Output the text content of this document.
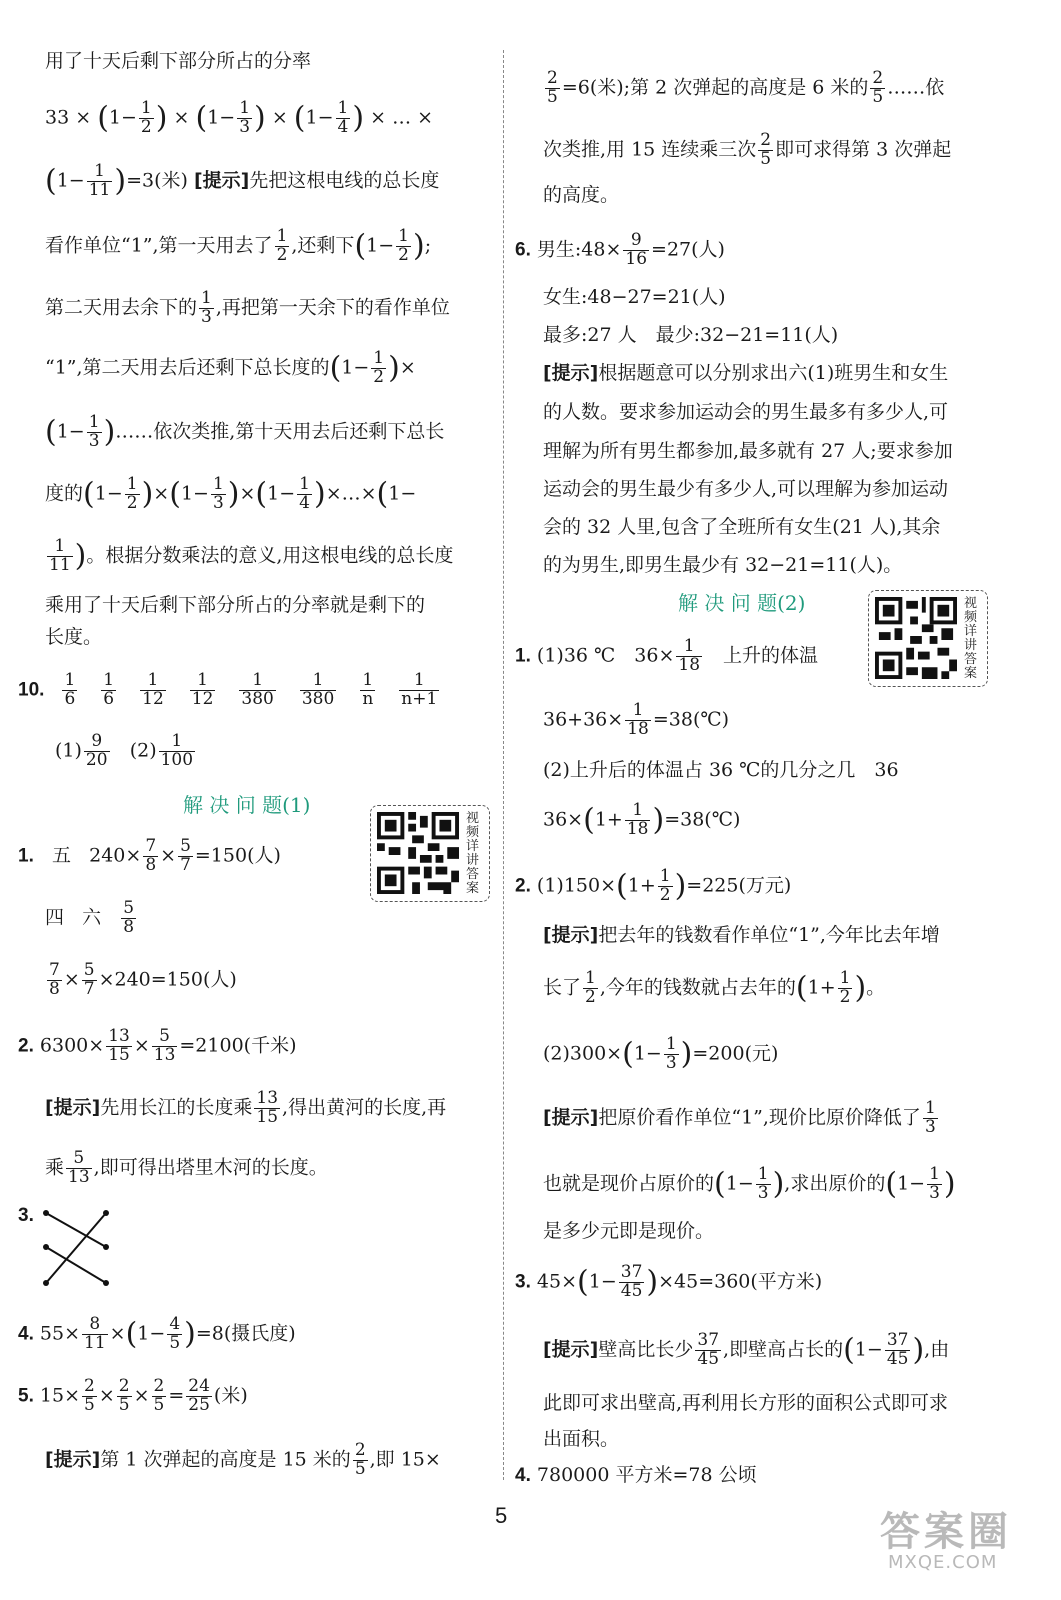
用了十天后剩下部分所占的分率
$33 \times (1- \frac{1}{2}$ ) × ($1- \frac{1}{3}$ ) × ($1- \frac{1}{4}$ ) × … ×
$(1- \frac{1}{11} )=3$(米) [提示]先把这根电线的总长度
看作单位“1”,第一天用去了 $\frac{1}{2}$ ,还剩下($1- \frac{1}{2}$ );
第二天用去余下的 $\frac{1}{3}$ ,再把第一天余下的看作单位
“1”,第二天用去后还剩下总长度的($1- \frac{1}{2}$ )×
($1- \frac{1}{3}$ )……依次类推,第十天用去后还剩下总长
度的$(1- \frac{1}{2} )\times(1- \frac{1}{3} )\times(1- \frac{1}{4}$ )×…×(1−
$\frac{1}{11}$ )。根据分数乘法的意义,用这根电线的总长度
乘用了十天后剩下部分所占的分率就是剩下的
长度。
10. $\frac{1}{6} \frac{1}{6} \frac{1}{12} \frac{1}{12} \frac{1}{380} \frac{1}{380} \frac{1}{n} \frac{1}{n+1}$
$(1) \frac{9}{20} (2) \frac{1}{100}$
解 决 问 题(1)
视频详讲答案
1. 五 $240\times \frac{7}{8} \times \frac{5}{7} =150$(人)
四 六 $\frac{5}{8}$
$\frac{7}{8} \times \frac{5}{7} \times 240=150$(人)
2. $6300\times \frac{13}{15} \times \frac{5}{13} =2100$(千米)
[提示]先用长江的长度乘 $\frac{13}{15}$ ,得出黄河的长度,再
乘 $\frac{5}{13}$ ,即可得出塔里木河的长度。
3.
4. $55\times \frac{8}{11} \times(1- \frac{4}{5} )=8$(摄氏度)
5. $15\times \frac{2}{5} \times \frac{2}{5} \times \frac{2}{5} = \frac{24}{25}$ (米)
[提示]第 1 次弹起的高度是 15 米的 $\frac{2}{5}$ ,即 15×
$\frac{2}{5} =6$(米);第 2 次弹起的高度是 6 米的 $\frac{2}{5}$ ……依
次类推,用 15 连续乘三次 $\frac{2}{5}$ 即可求得第 3 次弹起
的高度。
6. 男生:48× $\frac{9}{16} =27$(人)
女生:48−27=21(人)
最多:27 人　最少:32−21=11(人)
[提示]根据题意可以分别求出六(1)班男生和女生
的人数。要求参加运动会的男生最多有多少人,可
理解为所有男生都参加,最多就有 27 人;要求参加
运动会的男生最少有多少人,可以理解为参加运动
会的 32 人里,包含了全班所有女生(21 人),其余
的为男生,即男生最少有 32−21=11(人)。
解 决 问 题(2)	视频详讲答案
1. (1)36 ℃　$36\times \frac{1}{18}$ 　上升的体温
$36+36\times \frac{1}{18}$ =38(℃)
(2)上升后的体温占 36 ℃的几分之几　36
$36\times(1+ \frac{1}{18}$ )=38(℃)
2. $(1)150\times(1+ \frac{1}{2} )=225$(万元)
[提示]把去年的钱数看作单位“1”,今年比去年增
长了 $\frac{1}{2}$ ,今年的钱数就占去年的($1+ \frac{1}{2}$ )。
$(2)300\times(1- \frac{1}{3} )=200$(元)
[提示]把原价看作单位“1”,现价比原价降低了 $\frac{1}{3}$
也就是现价占原价的($1- \frac{1}{3}$ ),求出原价的($1- \frac{1}{3}$ )
是多少元即是现价。
3. $45\times(1- \frac{37}{45} )\times 45=360$(平方米)
[提示]壁高比长少 $\frac{37}{45}$ ,即壁高占长的($1- \frac{37}{45}$ ),由
此即可求出壁高,再利用长方形的面积公式即可求
出面积。
4. 780000 平方米=78 公顷
5	答案圈
MXQE.COM
